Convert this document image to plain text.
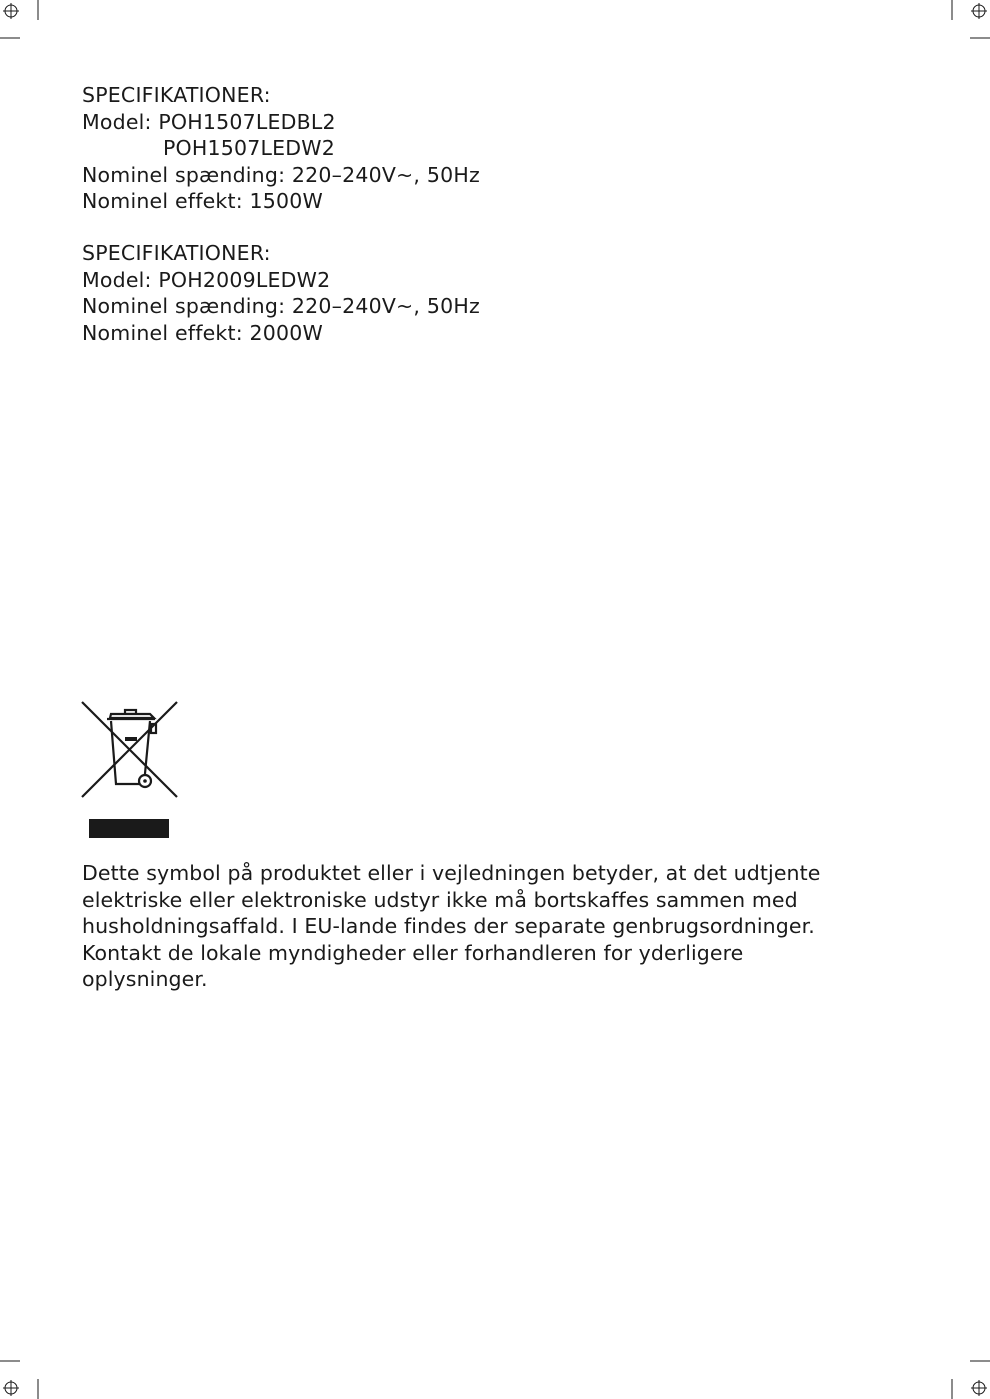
SPECIFIKATIONER:
Model: POH1507LEDBL2
POH1507LEDW2
Nominel spænding: 220–240V~, 50Hz
Nominel effekt: 1500W
SPECIFIKATIONER:
Model: POH2009LEDW2
Nominel spænding: 220–240V~, 50Hz
Nominel effekt: 2000W
Dette symbol på produktet eller i vejledningen betyder, at det udtjente
elektriske eller elektroniske udstyr ikke må bortskaffes sammen med
husholdningsaffald. I EU-lande findes der separate genbrugsordninger.
Kontakt de lokale myndigheder eller forhandleren for yderligere
oplysninger.
